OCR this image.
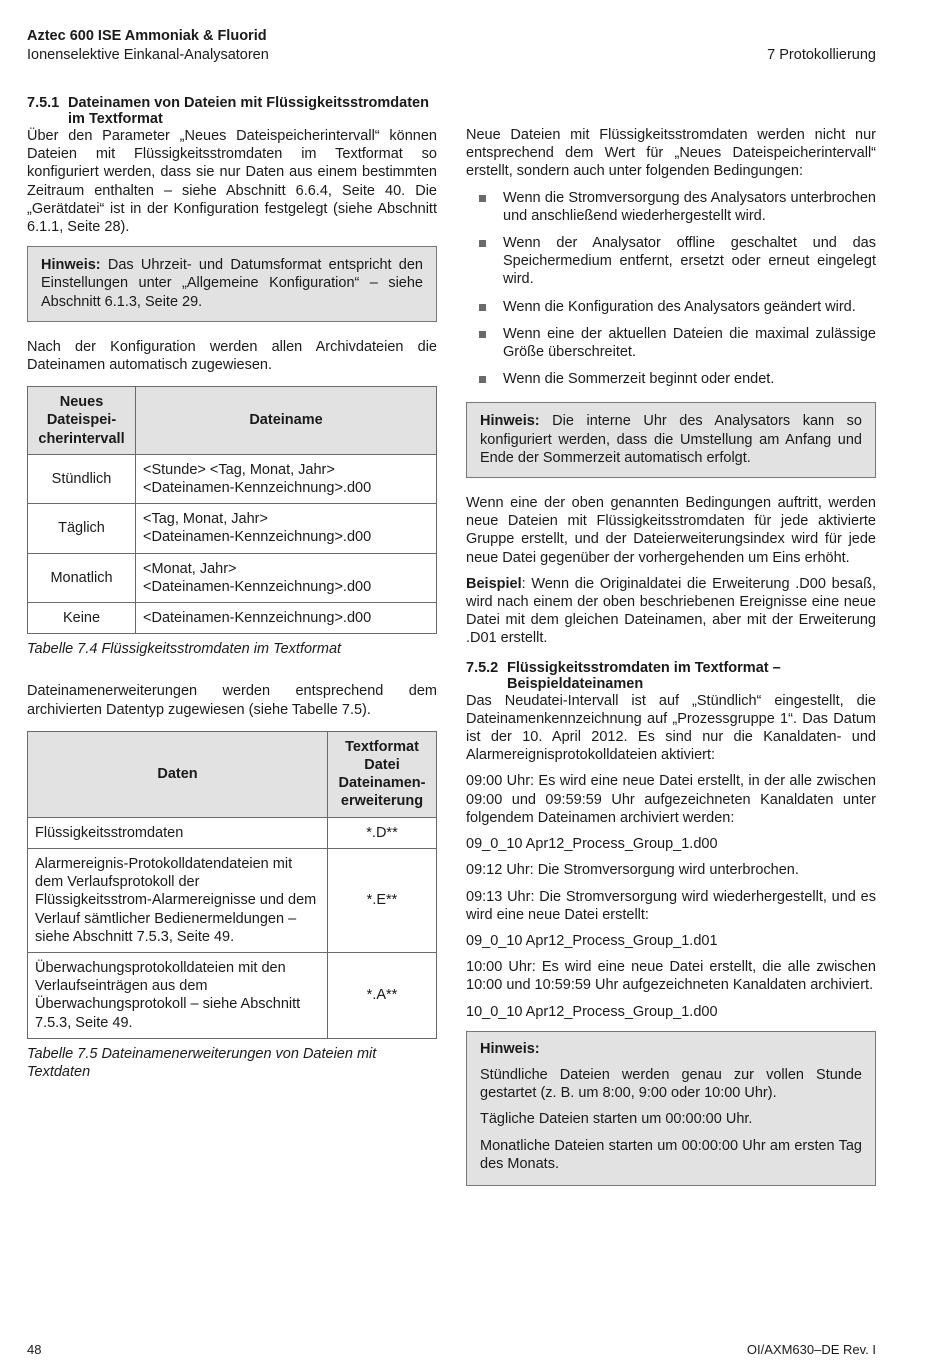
Aztec 600 ISE Ammoniak & Fluorid
Ionenselektive Einkanal-Analysatoren	7 Protokollierung
7.5.1 Dateinamen von Dateien mit Flüssigkeitsstromdaten
im Textformat

Über den Parameter „Neues Dateispeicherintervall“ können Dateien mit Flüssigkeitsstromdaten im Textformat so konfiguriert werden, dass sie nur Daten aus einem bestimmten Zeitraum enthalten – siehe Abschnitt 6.6.4, Seite 40. Die „Gerätdatei“ ist in der Konfiguration festgelegt (siehe Abschnitt 6.1.1, Seite 28).

Hinweis: Das Uhrzeit- und Datumsformat entspricht den Einstellungen unter „Allgemeine Konfiguration“ – siehe Abschnitt 6.1.3, Seite 29.

Nach der Konfiguration werden allen Archivdateien die Dateinamen automatisch zugewiesen.

Neues Dateispeicherintervall	Dateiname
Stündlich	<Stunde> <Tag, Monat, Jahr>
<Dateinamen-Kennzeichnung>.d00

Täglich	<Tag, Monat, Jahr>
<Dateinamen-Kennzeichnung>.d00

Monatlich	<Monat, Jahr>
<Dateinamen-Kennzeichnung>.d00

Keine	<Dateinamen-Kennzeichnung>.d00

Tabelle 7.4 Flüssigkeitsstromdaten im Textformat

Dateinamenerweiterungen werden entsprechend dem archivierten Datentyp zugewiesen (siehe Tabelle 7.5).

Daten	Textformat Datei Dateinamenerweiterung
Flüssigkeitsstromdaten	*.D**
Alarmereignis-Protokolldatendateien mit dem Verlaufsprotokoll der Flüssigkeitsstrom-Alarmereignisse und dem Verlauf sämtlicher Bedienermeldungen – siehe Abschnitt 7.5.3, Seite 49.	*.E**
Überwachungsprotokolldateien mit den Verlaufseinträgen aus dem Überwachungsprotokoll – siehe Abschnitt 7.5.3, Seite 49.	*.A**

Tabelle 7.5 Dateinamenerweiterungen von Dateien mit Textdaten

Neue Dateien mit Flüssigkeitsstromdaten werden nicht nur entsprechend dem Wert für „Neues Dateispeicherintervall“ erstellt, sondern auch unter folgenden Bedingungen:

Wenn die Stromversorgung des Analysators unterbrochen und anschließend wiederhergestellt wird.
Wenn der Analysator offline geschaltet und das Speichermedium entfernt, ersetzt oder erneut eingelegt wird.
Wenn die Konfiguration des Analysators geändert wird.
Wenn eine der aktuellen Dateien die maximal zulässige Größe überschreitet.
Wenn die Sommerzeit beginnt oder endet.

Hinweis: Die interne Uhr des Analysators kann so konfiguriert werden, dass die Umstellung am Anfang und Ende der Sommerzeit automatisch erfolgt.

Wenn eine der oben genannten Bedingungen auftritt, werden neue Dateien mit Flüssigkeitsstromdaten für jede aktivierte Gruppe erstellt, und der Dateierweiterungsindex wird für jede neue Datei gegenüber der vorhergehenden um Eins erhöht.

Beispiel: Wenn die Originaldatei die Erweiterung .D00 besaß, wird nach einem der oben beschriebenen Ereignisse eine neue Datei mit dem gleichen Dateinamen, aber mit der Erweiterung .D01 erstellt.

7.5.2 Flüssigkeitsstromdaten im Textformat –
Beispieldateinamen

Das Neudatei-Intervall ist auf „Stündlich“ eingestellt, die Dateinamenkennzeichnung auf „Prozessgruppe 1“. Das Datum ist der 10. April 2012. Es sind nur die Kanaldaten- und Alarmereignisprotokolldateien aktiviert:

09:00 Uhr: Es wird eine neue Datei erstellt, in der alle zwischen 09:00 und 09:59:59 Uhr aufgezeichneten Kanaldaten unter folgendem Dateinamen archiviert werden:

09_0_10 Apr12_Process_Group_1.d00

09:12 Uhr: Die Stromversorgung wird unterbrochen.

09:13 Uhr: Die Stromversorgung wird wiederhergestellt, und es wird eine neue Datei erstellt:

09_0_10 Apr12_Process_Group_1.d01

10:00 Uhr: Es wird eine neue Datei erstellt, die alle zwischen 10:00 und 10:59:59 Uhr aufgezeichneten Kanaldaten archiviert.

10_0_10 Apr12_Process_Group_1.d00

Hinweis:

Stündliche Dateien werden genau zur vollen Stunde gestartet (z. B. um 8:00, 9:00 oder 10:00 Uhr).

Tägliche Dateien starten um 00:00:00 Uhr.

Monatliche Dateien starten um 00:00:00 Uhr am ersten Tag des Monats.

48	OI/AXM630–DE Rev. I
